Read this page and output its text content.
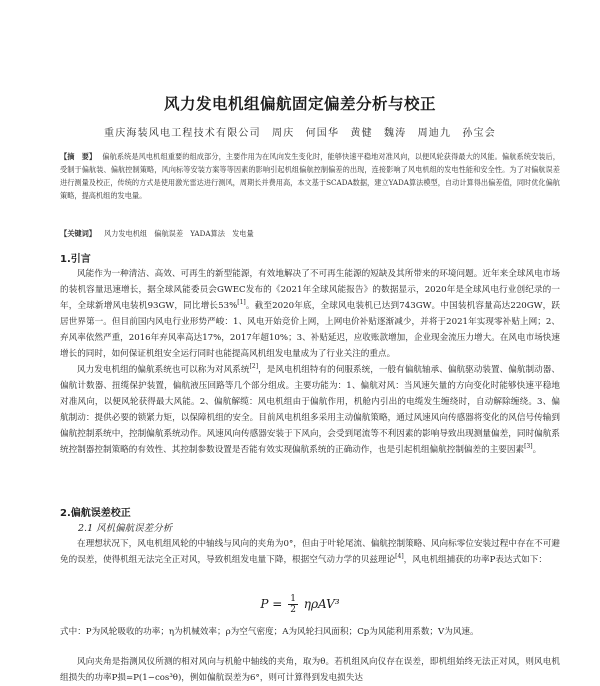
风力发电机组偏航固定偏差分析与校正
重庆海装风电工程技术有限公司　周庆　何国华　黄健　魏涛　周迪九　孙宝会
【摘　要】 偏航系统是风电机组重要的组成部分，主要作用为在风向发生变化时，能够快速平稳地对准风向，以便风轮获得最大的风能。偏航系统安装后，受制于偏航装、偏航控制策略，风向标等安装方案等等因素的影响引起机组偏航控制偏差的出现，连接影响了风电机组的发电性能和安全性。为了对偏航误差进行测量及校正，传统的方式是使用激光雷达进行测风，周期长并费用高，本文基于SCADA数据，建立YADA算法模型，自动计算得出偏差值，同时优化偏航策略，提高机组的发电量。
【关键词】 风力发电机组　偏航误差　YADA算法　发电量
1.引言
风能作为一种清洁、高效、可再生的新型能源，有效地解决了不可再生能源的短缺及其所带来的环境问题。近年来全球风电市场的装机容量迅速增长，据全球风能委员会GWEC发布的《2021年全球风能报告》的数据显示，2020年是全球风电行业创纪录的一年，全球新增风电装机93GW，同比增长53%[1]。截至2020年底，全球风电装机已达到743GW。中国装机容量高达220GW，跃居世界第一。但目前国内风电行业形势严峻：1、风电开始竞价上网，上网电价补贴逐渐减少，并将于2021年实现零补贴上网；2、弃风率依然严重，2016年弃风率高达17%，2017年超10%；3、补贴延迟，应收账款增加，企业现金流压力增大。在风电市场快速增长的同时，如何保证机组安全运行同时也能提高风机组发电量成为了行业关注的重点。
风力发电机组的偏航系统也可以称为对风系统[2]，是风电机组特有的伺服系统，一般有偏航轴承、偏航驱动装置、偏航制动器、偏航计数器、扭缆保护装置，偏航液压回路等几个部分组成。主要功能为：1、偏航对风：当风速矢量的方向变化时能够快速平稳地对准风向，以便风轮获得最大风能。2、偏航解缆：风电机组由于偏航作用，机舱内引出的电缆发生缠绕时，自动解除缠绕。3、偏航制动：提供必要的锁紧力矩，以保障机组的安全。目前风电机组多采用主动偏航策略，通过风速风向传感器将变化的风信号传输到偏航控制系统中，控制偏航系统动作。风速风向传感器安装于下风向，会受到尾流等不利因素的影响导致出现测量偏差，同时偏航系统控制器控制策略的有效性、其控制参数设置是否能有效实现偏航系统的正确动作，也是引起机组偏航控制偏差的主要因素[3]。
2.偏航误差校正
2.1 风机偏航误差分析
在理想状况下，风电机组风轮的中轴线与风向的夹角为0°，但由于叶轮尾流、偏航控制策略、风向标零位安装过程中存在不可避免的误差，使得机组无法完全正对风，导致机组发电量下降，根据空气动力学的贝兹理论[4]，风电机组捕获的功率P表达式如下：
$P = \frac{1}{2} \eta\rho AV^3$
式中：P为风轮吸收的功率；η为机械效率；ρ为空气密度；A为风轮扫风面积；Cp为风能利用系数；V为风速。
风向夹角是指测风仪所测的相对风向与机舱中轴线的夹角，取为θ。若机组风向仪存在误差，即机组始终无法正对风，则风电机组损失的功率P损=P(1−cos³θ)，例如偏航误差为6°，则可计算得到发电损失达
